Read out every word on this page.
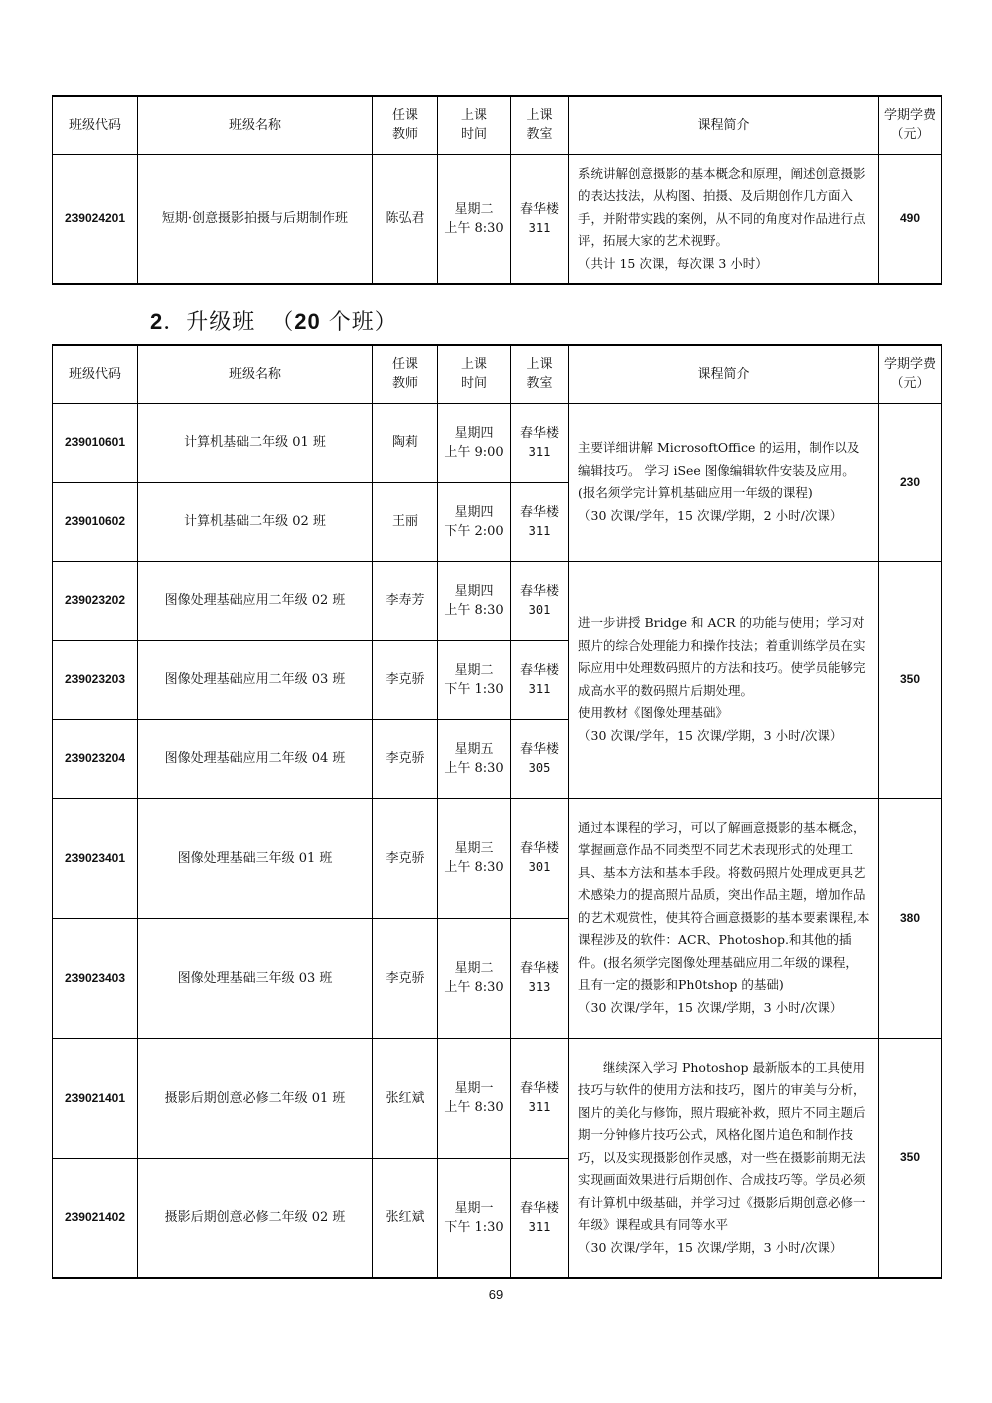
班级代码	班级名称	任课
教师	上课
时间	上课
教室	课程简介	学期学费
（元）
239024201	短期·创意摄影拍摄与后期制作班	陈弘君	星期二
上午 8:30	春华楼
311	系统讲解创意摄影的基本概念和原理，阐述创意摄影的表达技法，从构图、拍摄、及后期创作几方面入手，并附带实践的案例，从不同的角度对作品进行点评，拓展大家的艺术视野。
（共计 15 次课，每次课 3 小时）	490
2．升级班 （20 个班）
班级代码	班级名称	任课
教师	上课
时间	上课
教室	课程简介	学期学费
（元）
239010601	计算机基础二年级 01 班	陶莉	星期四
上午 9:00	春华楼
311	主要详细讲解 MicrosoftOffice 的运用，制作以及编辑技巧。 学习 iSee 图像编辑软件安装及应用。(报名须学完计算机基础应用一年级的课程)
（30 次课/学年，15 次课/学期，2 小时/次课）	230
239010602	计算机基础二年级 02 班	王丽	星期四
下午 2:00	春华楼
311		
239023202	图像处理基础应用二年级 02 班	李寿芳	星期四
上午 8:30	春华楼
301	进一步讲授 Bridge 和 ACR 的功能与使用；学习对照片的综合处理能力和操作技法；着重训练学员在实际应用中处理数码照片的方法和技巧。使学员能够完成高水平的数码照片后期处理。
使用教材《图像处理基础》
（30 次课/学年，15 次课/学期，3 小时/次课）	350
239023203	图像处理基础应用二年级 03 班	李克骄	星期二
下午 1:30	春华楼
311		
239023204	图像处理基础应用二年级 04 班	李克骄	星期五
上午 8:30	春华楼
305		
239023401	图像处理基础三年级 01 班	李克骄	星期三
上午 8:30	春华楼
301	通过本课程的学习，可以了解画意摄影的基本概念，掌握画意作品不同类型不同艺术表现形式的处理工具、基本方法和基本手段。将数码照片处理成更具艺术感染力的提高照片品质，突出作品主题，增加作品的艺术观赏性，使其符合画意摄影的基本要素课程,本课程涉及的软件：ACR、Photoshop.和其他的插件。(报名须学完图像处理基础应用二年级的课程，且有一定的摄影和Ph0tshop 的基础)
（30 次课/学年，15 次课/学期，3 小时/次课）	380
239023403	图像处理基础三年级 03 班	李克骄	星期二
上午 8:30	春华楼
313		
239021401	摄影后期创意必修二年级 01 班	张红斌	星期一
上午 8:30	春华楼
311	继续深入学习 Photoshop 最新版本的工具使用技巧与软件的使用方法和技巧，图片的审美与分析，图片的美化与修饰，照片瑕疵补救，照片不同主题后期一分钟修片技巧公式，风格化图片追色和制作技巧，以及实现摄影创作灵感，对一些在摄影前期无法实现画面效果进行后期创作、合成技巧等。学员必须有计算机中级基础，并学习过《摄影后期创意必修一年级》课程或具有同等水平
（30 次课/学年，15 次课/学期，3 小时/次课）	350
239021402	摄影后期创意必修二年级 02 班	张红斌	星期一
下午 1:30	春华楼
311		
69
